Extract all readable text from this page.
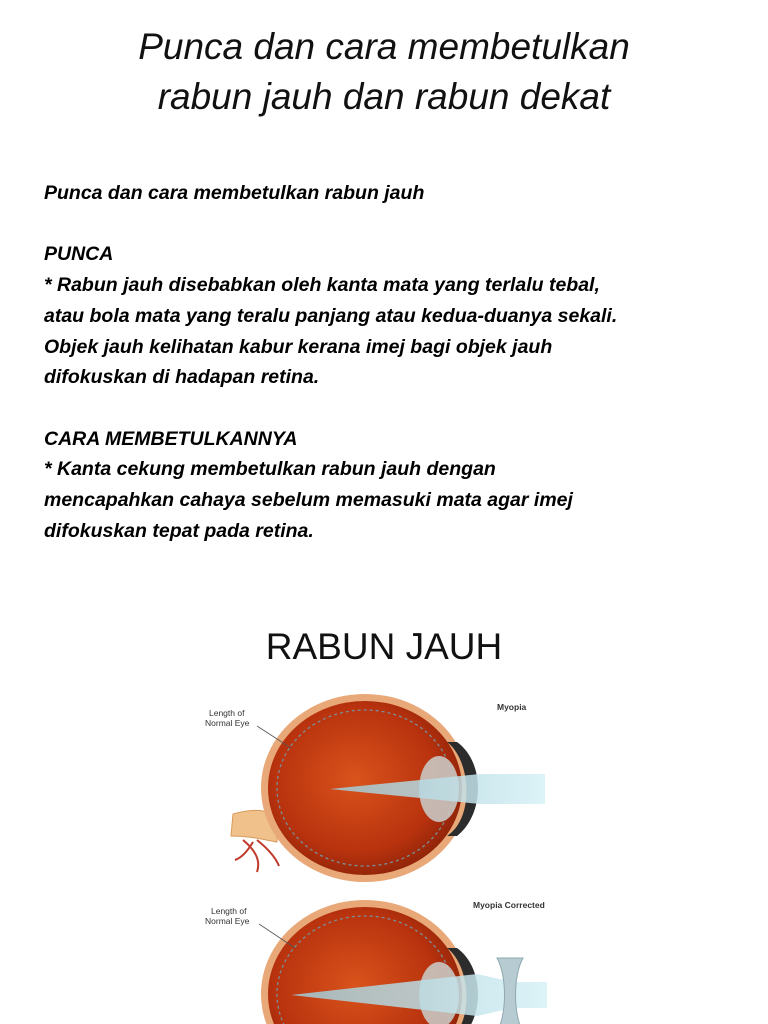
Punca dan cara membetulkan
rabun jauh dan rabun dekat

Punca dan cara membetulkan rabun jauh

PUNCA

* Rabun jauh disebabkan oleh kanta mata yang terlalu tebal,

atau bola mata yang teralu panjang atau kedua-duanya sekali.

Objek jauh kelihatan kabur kerana imej bagi objek jauh

difokuskan di hadapan retina.

CARA MEMBETULKANNYA

* Kanta cekung membetulkan rabun jauh dengan

mencapahkan cahaya sebelum memasuki mata agar imej

difokuskan tepat pada retina.

RABUN JAUH
Length of
Normal Eye
Myopia
Length of
Normal Eye
Myopia Corrected
